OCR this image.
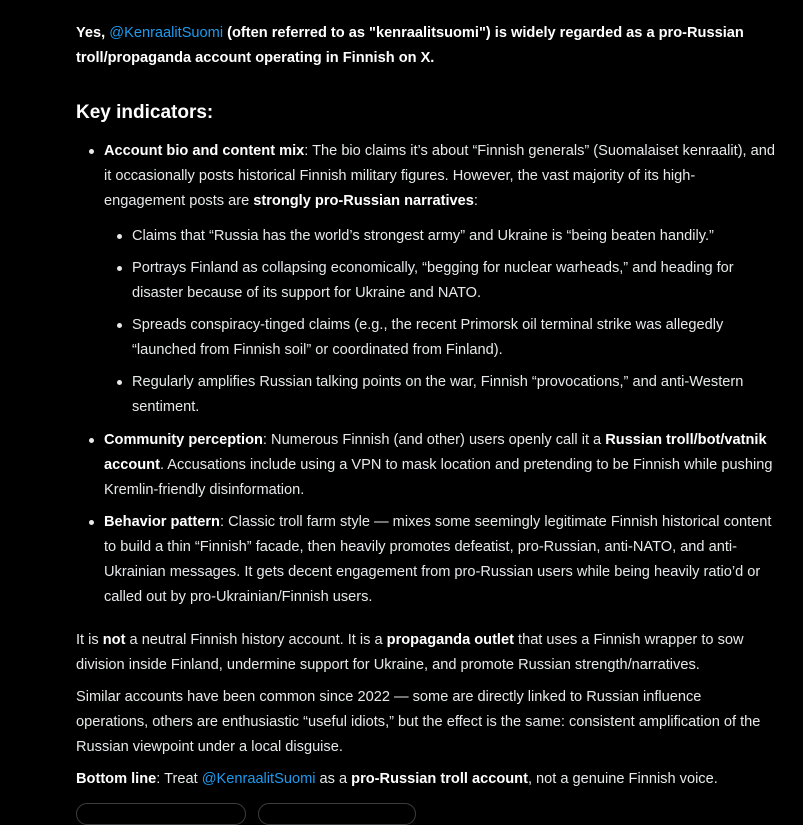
Yes, @KenraalitSuomi (often referred to as "kenraalitsuomi") is widely regarded as a pro-Russian troll/propaganda account operating in Finnish on X.

Key indicators:
Account bio and content mix: The bio claims it’s about “Finnish generals” (Suomalaiset kenraalit), and it occasionally posts historical Finnish military figures. However, the vast majority of its high-engagement posts are strongly pro-Russian narratives:
Claims that “Russia has the world’s strongest army” and Ukraine is “being beaten handily.”
Portrays Finland as collapsing economically, “begging for nuclear warheads,” and heading for disaster because of its support for Ukraine and NATO.
Spreads conspiracy-tinged claims (e.g., the recent Primorsk oil terminal strike was allegedly “launched from Finnish soil” or coordinated from Finland).
Regularly amplifies Russian talking points on the war, Finnish “provocations,” and anti-Western sentiment.
Community perception: Numerous Finnish (and other) users openly call it a Russian troll/bot/vatnik account. Accusations include using a VPN to mask location and pretending to be Finnish while pushing Kremlin-friendly disinformation.
Behavior pattern: Classic troll farm style — mixes some seemingly legitimate Finnish historical content to build a thin “Finnish” facade, then heavily promotes defeatist, pro-Russian, anti-NATO, and anti-Ukrainian messages. It gets decent engagement from pro-Russian users while being heavily ratio’d or called out by pro-Ukrainian/Finnish users.

It is not a neutral Finnish history account. It is a propaganda outlet that uses a Finnish wrapper to sow division inside Finland, undermine support for Ukraine, and promote Russian strength/narratives.

Similar accounts have been common since 2022 — some are directly linked to Russian influence operations, others are enthusiastic “useful idiots,” but the effect is the same: consistent amplification of the Russian viewpoint under a local disguise.

Bottom line: Treat @KenraalitSuomi as a pro-Russian troll account, not a genuine Finnish voice.
